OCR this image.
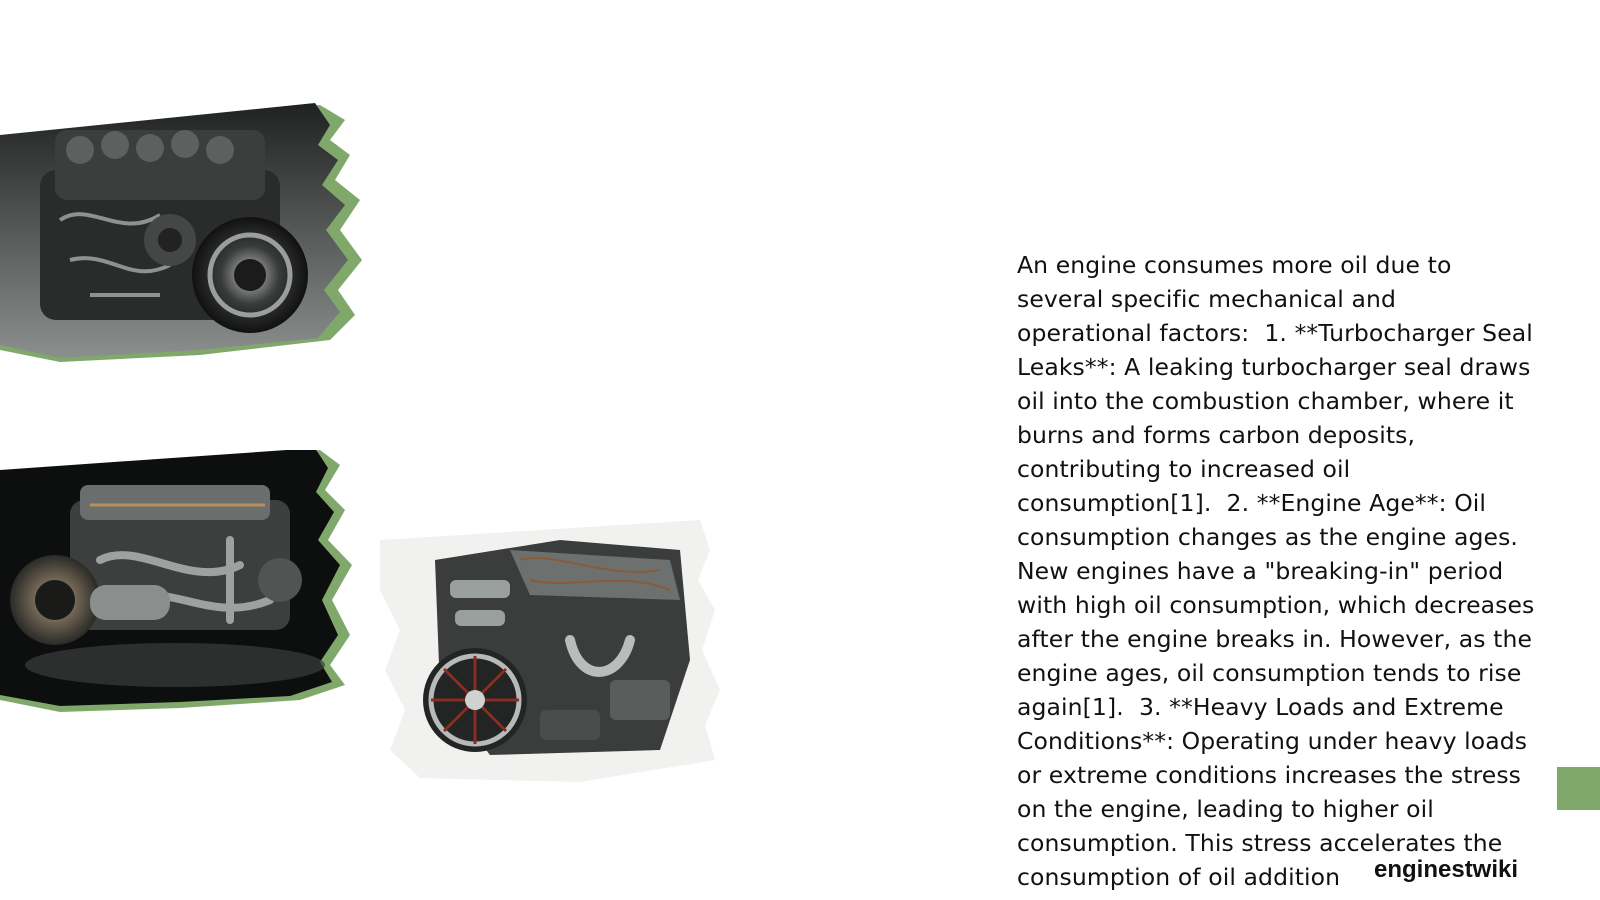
An engine consumes more oil due to several specific mechanical and operational factors:  1. **Turbocharger Seal Leaks**: A leaking turbocharger seal draws oil into the combustion chamber, where it burns and forms carbon deposits, contributing to increased oil consumption[1].  2. **Engine Age**: Oil consumption changes as the engine ages. New engines have a "breaking-in" period with high oil consumption, which decreases after the engine breaks in. However, as the engine ages, oil consumption tends to rise again[1].  3. **Heavy Loads and Extreme Conditions**: Operating under heavy loads or extreme conditions increases the stress on the engine, leading to higher oil consumption. This stress accelerates the consumption of oil addition	enginestwiki
